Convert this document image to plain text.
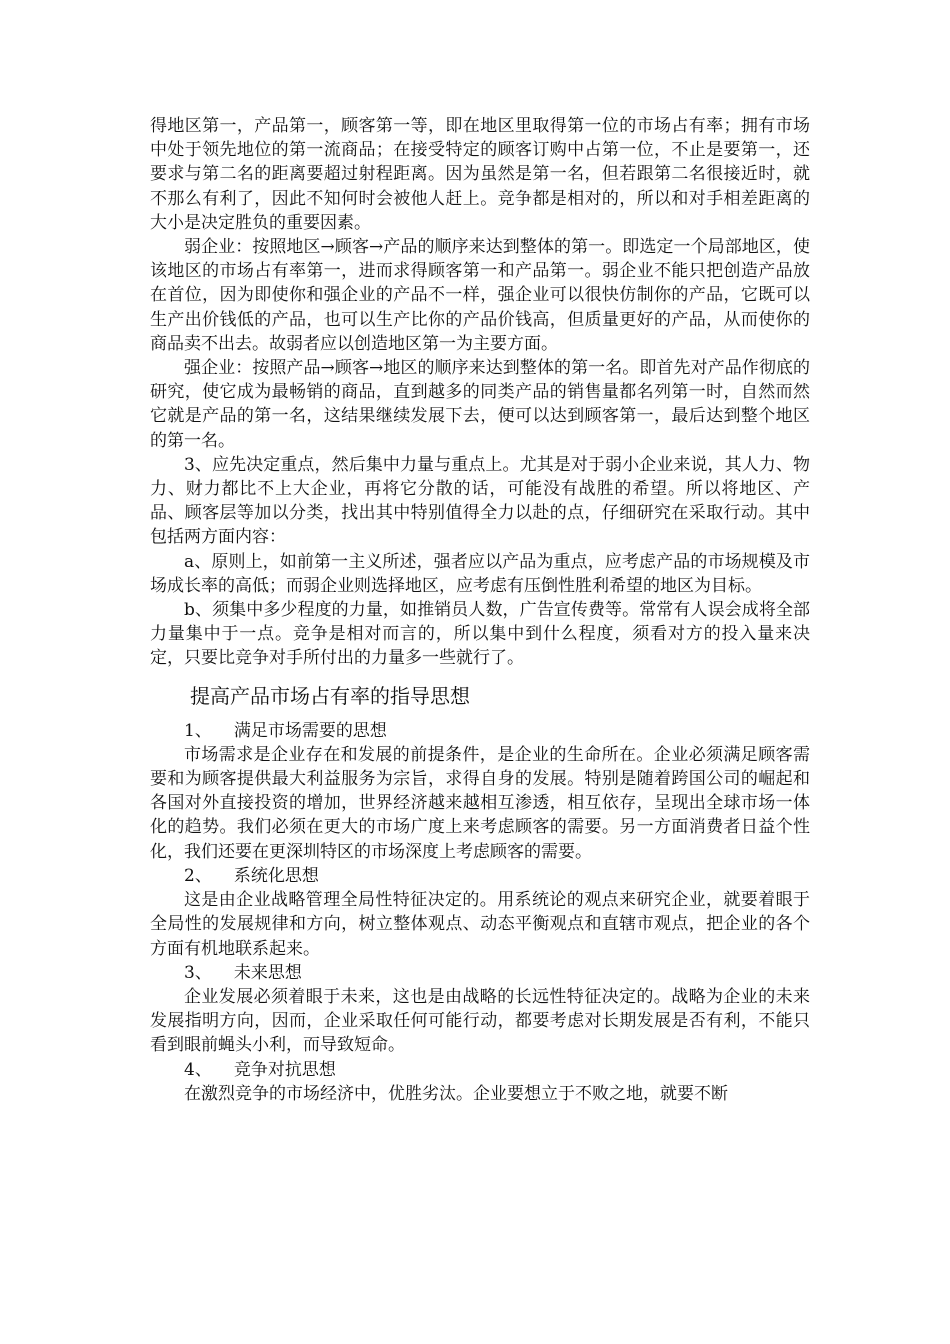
得地区第一，产品第一，顾客第一等，即在地区里取得第一位的市场占有率；拥有市场中处于领先地位的第一流商品；在接受特定的顾客订购中占第一位，不止是要第一，还要求与第二名的距离要超过射程距离。因为虽然是第一名，但若跟第二名很接近时，就不那么有利了，因此不知何时会被他人赶上。竞争都是相对的，所以和对手相差距离的大小是决定胜负的重要因素。

弱企业：按照地区→顾客→产品的顺序来达到整体的第一。即选定一个局部地区，使该地区的市场占有率第一，进而求得顾客第一和产品第一。弱企业不能只把创造产品放在首位，因为即使你和强企业的产品不一样，强企业可以很快仿制你的产品，它既可以生产出价钱低的产品，也可以生产比你的产品价钱高，但质量更好的产品，从而使你的商品卖不出去。故弱者应以创造地区第一为主要方面。

强企业：按照产品→顾客→地区的顺序来达到整体的第一名。即首先对产品作彻底的研究，使它成为最畅销的商品，直到越多的同类产品的销售量都名列第一时，自然而然它就是产品的第一名，这结果继续发展下去，便可以达到顾客第一，最后达到整个地区的第一名。

3、应先决定重点，然后集中力量与重点上。尤其是对于弱小企业来说，其人力、物力、财力都比不上大企业，再将它分散的话，可能没有战胜的希望。所以将地区、产品、顾客层等加以分类，找出其中特别值得全力以赴的点，仔细研究在采取行动。其中包括两方面内容：

a、原则上，如前第一主义所述，强者应以产品为重点，应考虑产品的市场规模及市场成长率的高低；而弱企业则选择地区，应考虑有压倒性胜利希望的地区为目标。

b、须集中多少程度的力量，如推销员人数，广告宣传费等。常常有人误会成将全部力量集中于一点。竞争是相对而言的，所以集中到什么程度，须看对方的投入量来决定，只要比竞争对手所付出的力量多一些就行了。

提高产品市场占有率的指导思想

1、 满足市场需要的思想

市场需求是企业存在和发展的前提条件，是企业的生命所在。企业必须满足顾客需要和为顾客提供最大利益服务为宗旨，求得自身的发展。特别是随着跨国公司的崛起和各国对外直接投资的增加，世界经济越来越相互渗透，相互依存，呈现出全球市场一体化的趋势。我们必须在更大的市场广度上来考虑顾客的需要。另一方面消费者日益个性化，我们还要在更深圳特区的市场深度上考虑顾客的需要。

2、 系统化思想

这是由企业战略管理全局性特征决定的。用系统论的观点来研究企业，就要着眼于全局性的发展规律和方向，树立整体观点、动态平衡观点和直辖市观点，把企业的各个方面有机地联系起来。

3、 未来思想

企业发展必须着眼于未来，这也是由战略的长远性特征决定的。战略为企业的未来发展指明方向，因而，企业采取任何可能行动，都要考虑对长期发展是否有利，不能只看到眼前蝇头小利，而导致短命。

4、 竞争对抗思想

在激烈竞争的市场经济中，优胜劣汰。企业要想立于不败之地，就要不断
